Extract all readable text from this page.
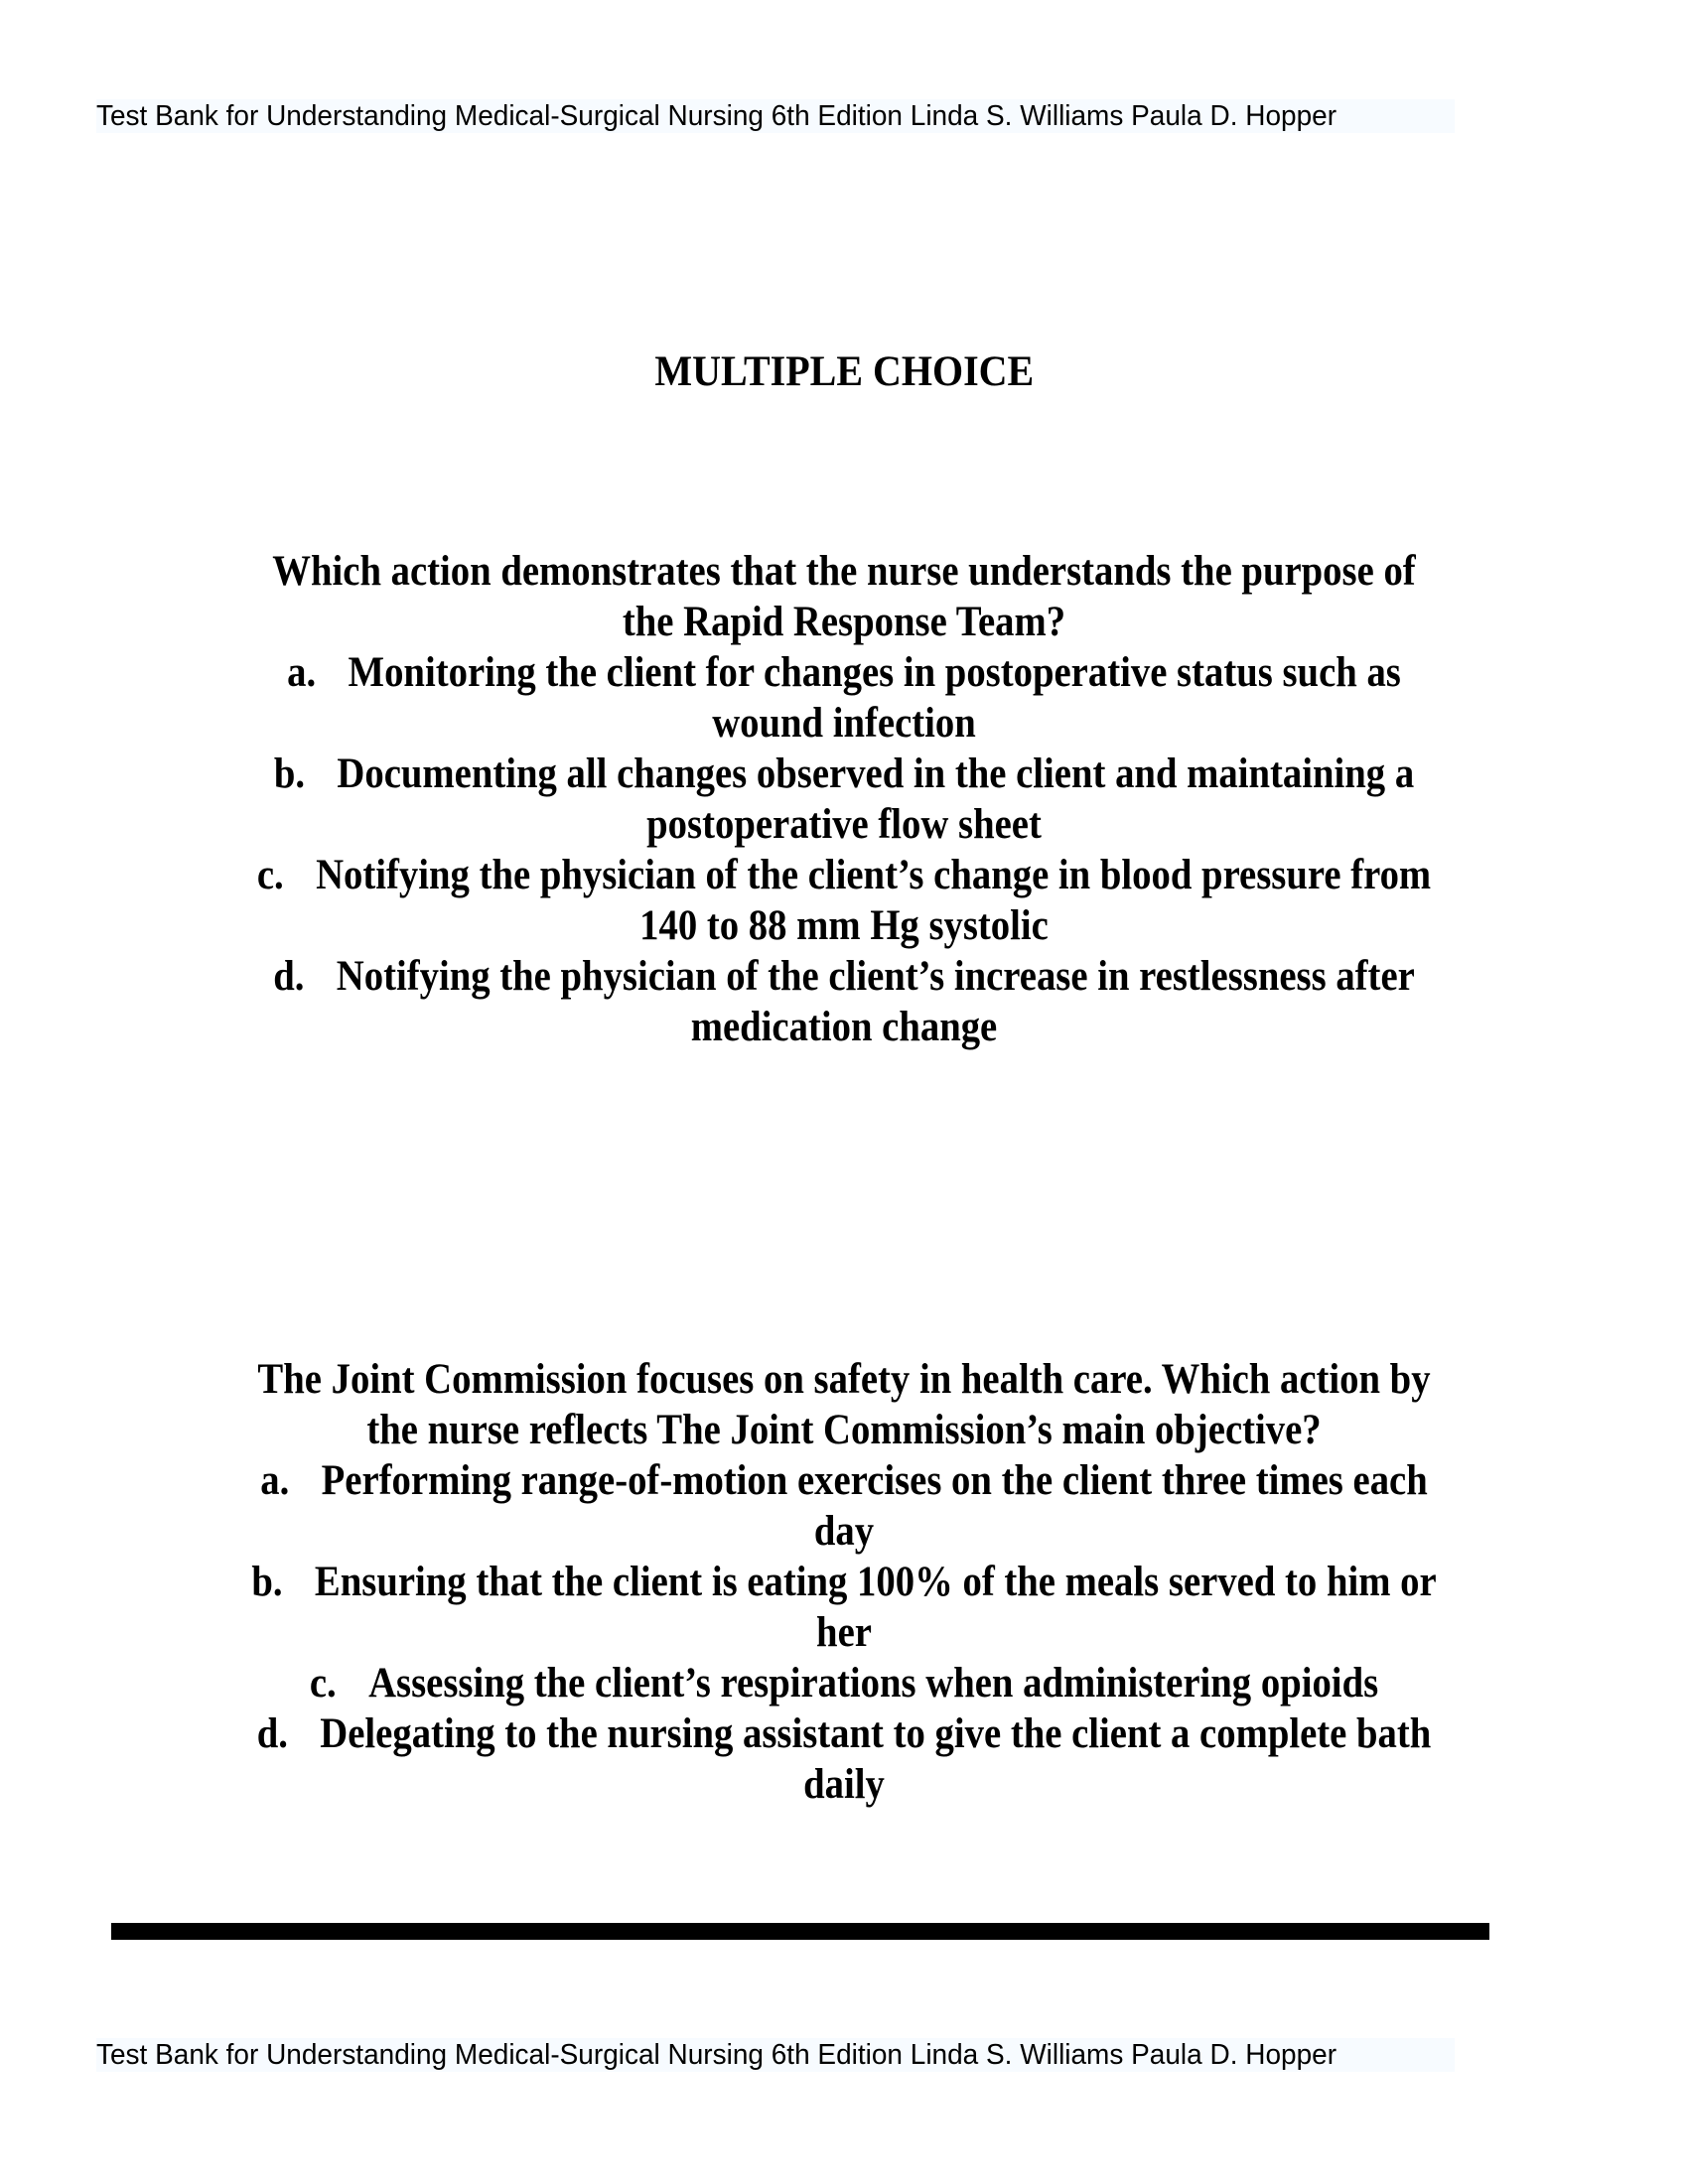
Test Bank for Understanding Medical-Surgical Nursing 6th Edition Linda S. Williams Paula D. Hopper
MULTIPLE CHOICE
Which action demonstrates that the nurse understands the purpose of
the Rapid Response Team?
a. Monitoring the client for changes in postoperative status such as
wound infection
b. Documenting all changes observed in the client and maintaining a
postoperative flow sheet
c. Notifying the physician of the client’s change in blood pressure from
140 to 88 mm Hg systolic
d. Notifying the physician of the client’s increase in restlessness after
medication change
The Joint Commission focuses on safety in health care. Which action by
the nurse reflects The Joint Commission’s main objective?
a. Performing range-of-motion exercises on the client three times each
day
b. Ensuring that the client is eating 100% of the meals served to him or
her
c. Assessing the client’s respirations when administering opioids
d. Delegating to the nursing assistant to give the client a complete bath
daily
Test Bank for Understanding Medical-Surgical Nursing 6th Edition Linda S. Williams Paula D. Hopper
